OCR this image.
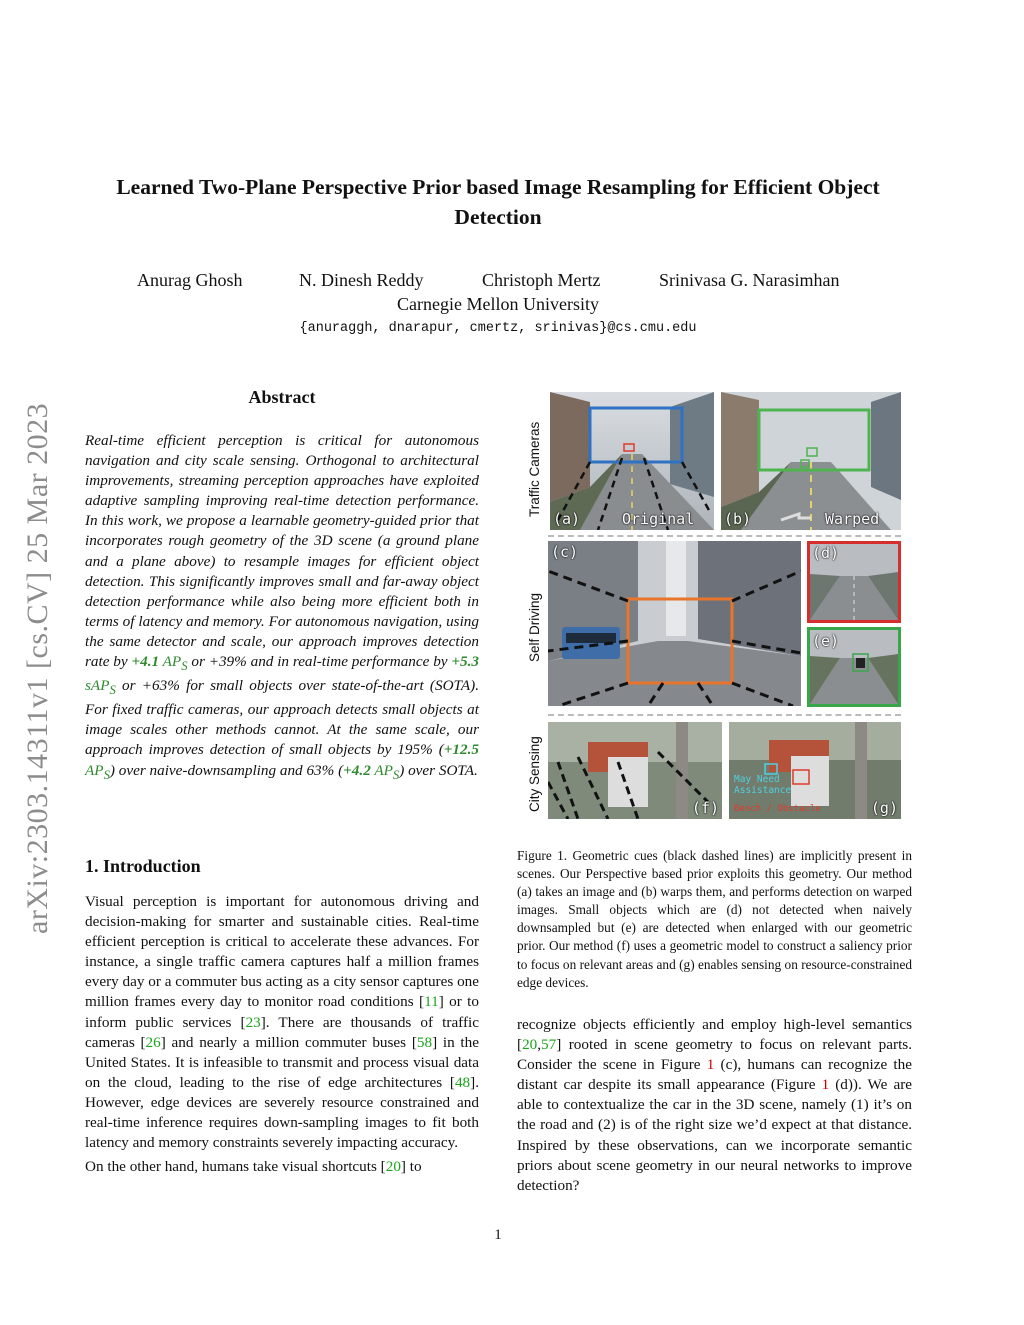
Learned Two-Plane Perspective Prior based Image Resampling for Efficient Object Detection
Anurag Ghosh	N. Dinesh Reddy	Christoph Mertz	Srinivasa G. Narasimhan
Carnegie Mellon University
{anuraggh, dnarapur, cmertz, srinivas}@cs.cmu.edu
arXiv:2303.14311v1 [cs.CV] 25 Mar 2023
Abstract

Real-time efficient perception is critical for autonomous navigation and city scale sensing. Orthogonal to architectural improvements, streaming perception approaches have exploited adaptive sampling improving real-time detection performance. In this work, we propose a learnable geometry-guided prior that incorporates rough geometry of the 3D scene (a ground plane and a plane above) to resample images for efficient object detection. This significantly improves small and far-away object detection performance while also being more efficient both in terms of latency and memory. For autonomous navigation, using the same detector and scale, our approach improves detection rate by +4.1 $AP_S$ or +39% and in real-time performance by +5.3 sAP$_S$ or +63% for small objects over state-of-the-art (SOTA). For fixed traffic cameras, our approach detects small objects at image scales other methods cannot. At the same scale, our approach improves detection of small objects by 195% (+12.5 $AP_S$) over naive-downsampling and 63% (+4.2 $AP_S$) over SOTA.

1. Introduction

Visual perception is important for autonomous driving and decision-making for smarter and sustainable cities. Real-time efficient perception is critical to accelerate these advances. For instance, a single traffic camera captures half a million frames every day or a commuter bus acting as a city sensor captures one million frames every day to monitor road conditions [11] or to inform public services [23]. There are thousands of traffic cameras [26] and nearly a million commuter buses [58] in the United States. It is infeasible to transmit and process visual data on the cloud, leading to the rise of edge architectures [48]. However, edge devices are severely resource constrained and real-time inference requires down-sampling images to fit both latency and memory constraints severely impacting accuracy.

On the other hand, humans take visual shortcuts [20] to

Traffic Cameras
Self Driving
City Sensing
(a)	Original (b)	Warped
(c)	(d)
(e)
(f)
May Need
Assistance
Bench / Obstacle	(g)
Figure 1. Geometric cues (black dashed lines) are implicitly present in scenes. Our Perspective based prior exploits this geometry. Our method (a) takes an image and (b) warps them, and performs detection on warped images. Small objects which are (d) not detected when naively downsampled but (e) are detected when enlarged with our geometric prior. Our method (f) uses a geometric model to construct a saliency prior to focus on relevant areas and (g) enables sensing on resource-constrained edge devices.

recognize objects efficiently and employ high-level semantics [20,57] rooted in scene geometry to focus on relevant parts. Consider the scene in Figure 1 (c), humans can recognize the distant car despite its small appearance (Figure 1 (d)). We are able to contextualize the car in the 3D scene, namely (1) it’s on the road and (2) is of the right size we’d expect at that distance. Inspired by these observations, can we incorporate semantic priors about scene geometry in our neural networks to improve detection?

1
